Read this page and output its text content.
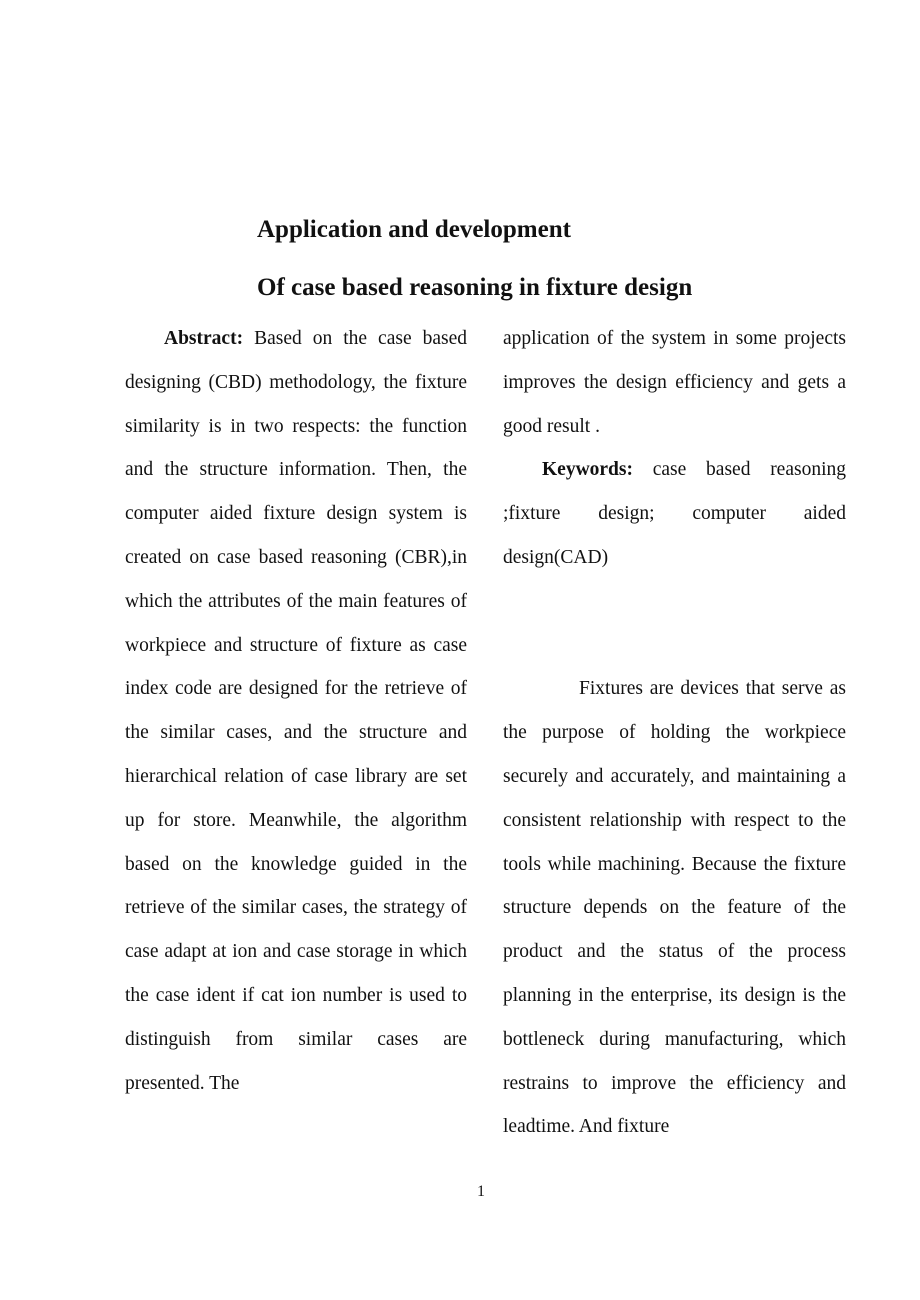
Application and development
Of case based reasoning in fixture design

Abstract: Based on the case based designing (CBD) methodology, the fixture similarity is in two respects: the function and the structure information. Then, the computer aided fixture design system is created on case based reasoning (CBR),in which the attributes of the main features of workpiece and structure of fixture as case index code are designed for the retrieve of the similar cases, and the structure and hierarchical relation of case library are set up for store. Meanwhile, the algorithm based on the knowledge guided in the retrieve of the similar cases, the strategy of case adapt at ion and case storage in which the case ident if cat ion number is used to distinguish from similar cases are presented. The

application of the system in some projects improves the design efficiency and gets a good result .

Keywords: case based reasoning ;fixture design; computer aided design(CAD)

Fixtures are devices that serve as the purpose of holding the workpiece securely and accurately, and maintaining a consistent relationship with respect to the tools while machining. Because the fixture structure depends on the feature of the product and the status of the process planning in the enterprise, its design is the bottleneck during manufacturing, which restrains to improve the efficiency and leadtime. And fixture

1
